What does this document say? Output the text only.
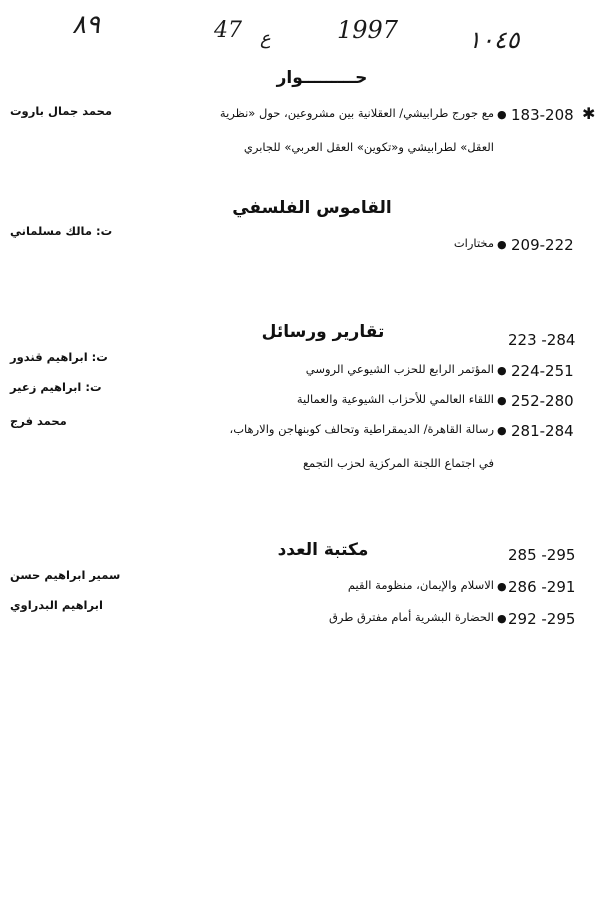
٨٩	47 ع	1997	١٠٤٥
حـــــــــوار
محمد جمال باروت	مع جورج طرابيشي/ العقلانية بين مشروعين، حول «نظرية ● 183-208 ✱
العقل» لطرابيشي و«تكوين» العقل العربي» للجابري
القاموس الفلسفي
ت: مالك مسلماني
مختارات ● 209-222
تقارير ورسائل	223 -284
ت: ابراهيم قندور
المؤتمر الرابع للحزب الشيوعي الروسي ● 224-251
ت: ابراهيم زعير
اللقاء العالمي للأحزاب الشيوعية والعمالية ● 252-280
محمد فرج
رسالة القاهرة/ الديمقراطية وتحالف كوبنهاجن والارهاب، ● 281-284
في اجتماع اللجنة المركزية لحزب التجمع
مكتبة العدد	285 -295
سمير ابراهيم حسن
الاسلام والإيمان، منظومة القيم ● 286 -291
ابراهيم البدراوي
الحضارة البشرية أمام مفترق طرق ● 292 -295
